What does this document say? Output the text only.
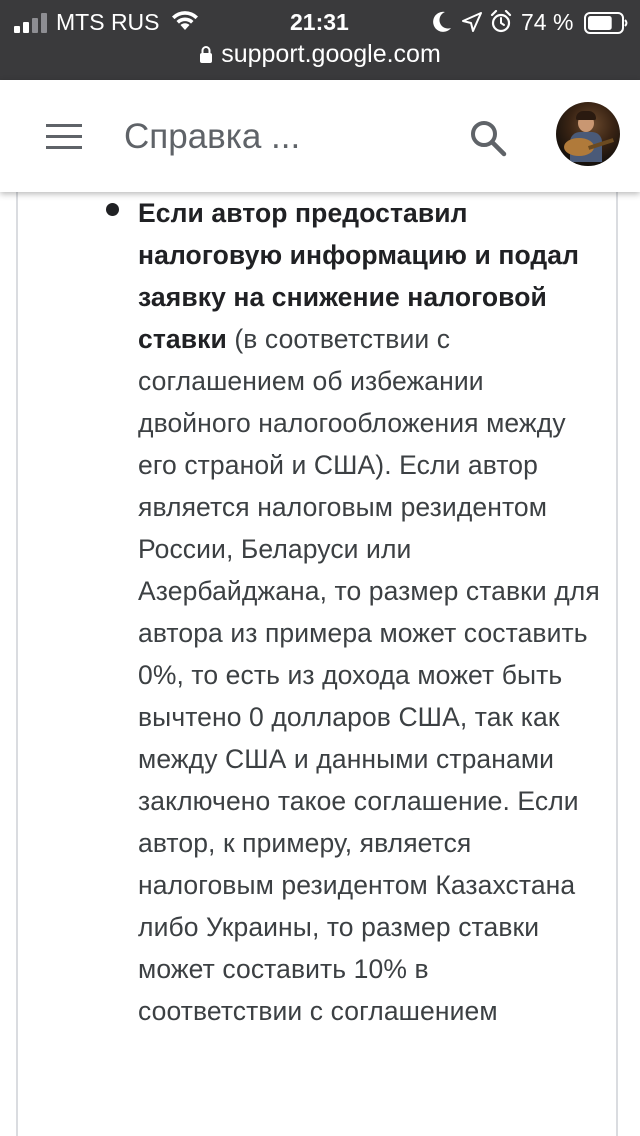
MTS RUS	21:31	74 %
support.google.com
Справка ...

Если автор предоставил налоговую информацию и подал заявку на снижение налоговой ставки (в соответствии с соглашением об избежании двойного налогообложения между его страной и США). Если автор является налоговым резидентом России, Беларуси или Азербайджана, то размер ставки для автора из примера может составить 0%, то есть из дохода может быть вычтено 0 долларов США, так как между США и данными странами заключено такое соглашение. Если автор, к примеру, является налоговым резидентом Казахстана либо Украины, то размер ставки может составить 10% в соответствии с соглашением
